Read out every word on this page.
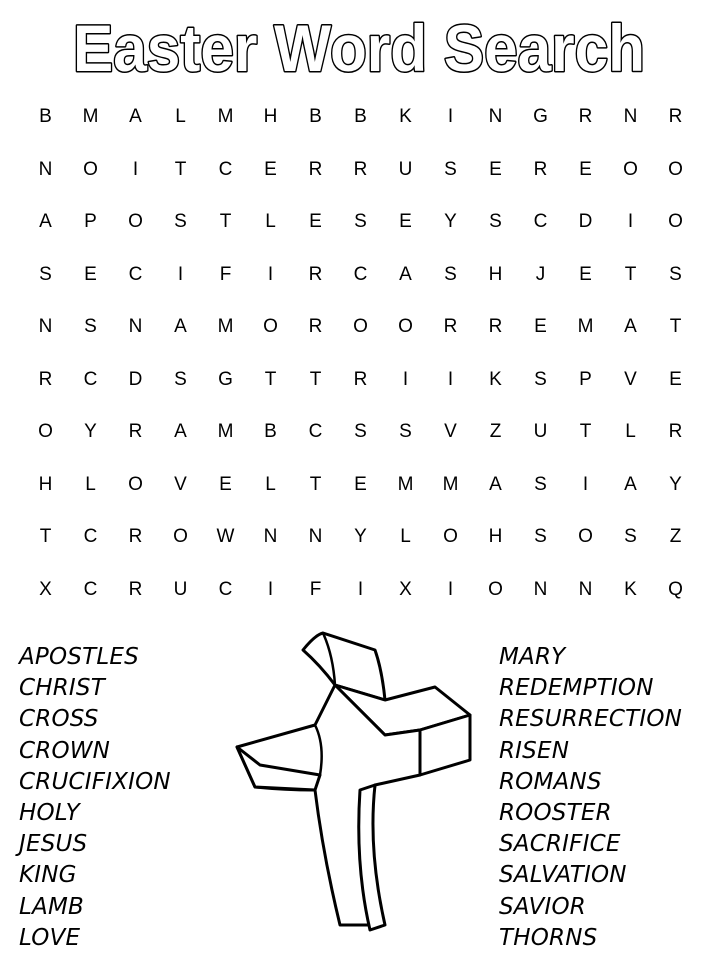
Easter Word Search
B	M	A	L	M	H	B	B	K	I	N	G	R	N	R
N	O	I	T	C	E	R	R	U	S	E	R	E	O	O
A	P	O	S	T	L	E	S	E	Y	S	C	D	I	O
S	E	C	I	F	I	R	C	A	S	H	J	E	T	S
N	S	N	A	M	O	R	O	O	R	R	E	M	A	T
R	C	D	S	G	T	T	R	I	I	K	S	P	V	E
O	Y	R	A	M	B	C	S	S	V	Z	U	T	L	R
H	L	O	V	E	L	T	E	M	M	A	S	I	A	Y
T	C	R	O	W	N	N	Y	L	O	H	S	O	S	Z
X	C	R	U	C	I	F	I	X	I	O	N	N	K	Q
APOSTLES
CHRIST
CROSS
CROWN
CRUCIFIXION
HOLY
JESUS
KING
LAMB
LOVE
MARY
REDEMPTION
RESURRECTION
RISEN
ROMANS
ROOSTER
SACRIFICE
SALVATION
SAVIOR
THORNS
